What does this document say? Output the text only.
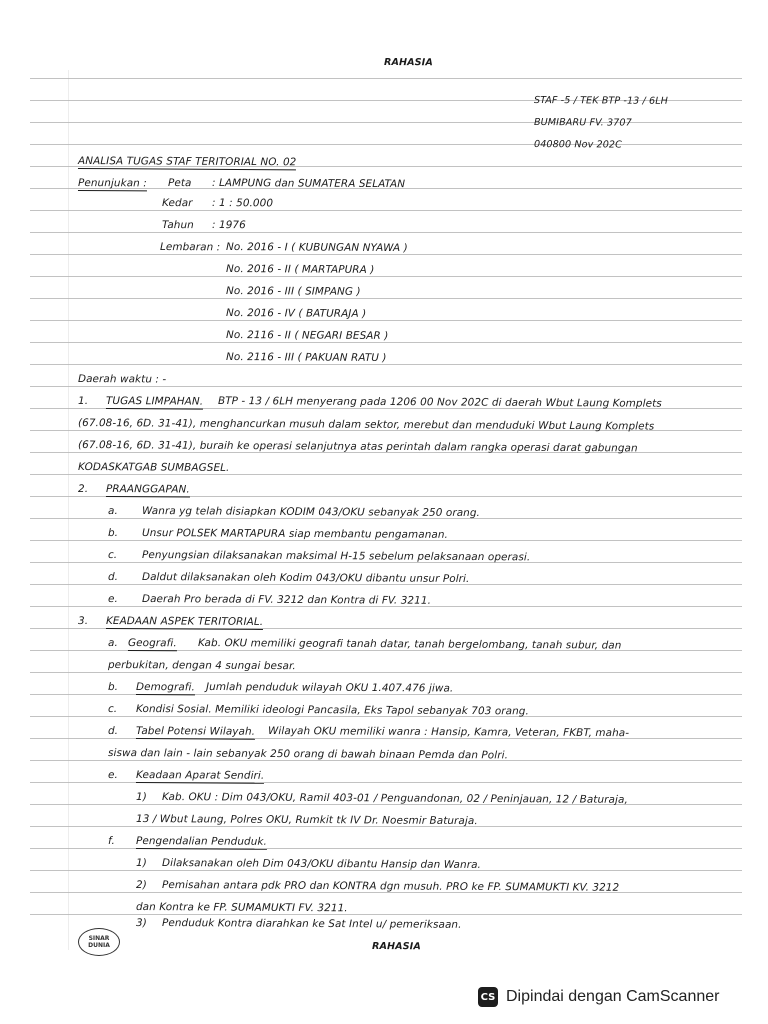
RAHASIA
STAF -5 / TEK BTP -13 / 6LH
BUMIBARU FV. 3707
040800 Nov 202C
ANALISA TUGAS STAF TERITORIAL NO. 02
Penunjukan : Peta : LAMPUNG dan SUMATERA SELATAN
Kedar : 1 : 50.000
Tahun : 1976
Lembaran : No. 2016 - I ( KUBUNGAN NYAWA )
No. 2016 - II ( MARTAPURA )
No. 2016 - III ( SIMPANG )
No. 2016 - IV ( BATURAJA )
No. 2116 - II ( NEGARI BESAR )
No. 2116 - III ( PAKUAN RATU )
Daerah waktu : -
1. TUGAS LIMPAHAN. BTP - 13 / 6LH menyerang pada 1206 00 Nov 202C di daerah Wbut Laung Komplets
(67.08-16, 6D. 31-41), menghancurkan musuh dalam sektor, merebut dan menduduki Wbut Laung Komplets
(67.08-16, 6D. 31-41), buraih ke operasi selanjutnya atas perintah dalam rangka operasi darat gabungan
KODASKATGAB SUMBAGSEL.
2. PRAANGGAPAN.
a. Wanra yg telah disiapkan KODIM 043/OKU sebanyak 250 orang.
b. Unsur POLSEK MARTAPURA siap membantu pengamanan.
c. Penyungsian dilaksanakan maksimal H-15 sebelum pelaksanaan operasi.
d. Daldut dilaksanakan oleh Kodim 043/OKU dibantu unsur Polri.
e. Daerah Pro berada di FV. 3212 dan Kontra di FV. 3211.
3. KEADAAN ASPEK TERITORIAL.
a. Geografi. Kab. OKU memiliki geografi tanah datar, tanah bergelombang, tanah subur, dan
perbukitan, dengan 4 sungai besar.
b. Demografi. Jumlah penduduk wilayah OKU 1.407.476 jiwa.
c. Kondisi Sosial. Memiliki ideologi Pancasila, Eks Tapol sebanyak 703 orang.
d. Tabel Potensi Wilayah. Wilayah OKU memiliki wanra : Hansip, Kamra, Veteran, FKBT, maha-
siswa dan lain - lain sebanyak 250 orang di bawah binaan Pemda dan Polri.
e. Keadaan Aparat Sendiri.
1) Kab. OKU : Dim 043/OKU, Ramil 403-01 / Penguandonan, 02 / Peninjauan, 12 / Baturaja,
13 / Wbut Laung, Polres OKU, Rumkit tk IV Dr. Noesmir Baturaja.
f. Pengendalian Penduduk.
1) Dilaksanakan oleh Dim 043/OKU dibantu Hansip dan Wanra.
2) Pemisahan antara pdk PRO dan KONTRA dgn musuh. PRO ke FP. SUMAMUKTI KV. 3212
dan Kontra ke FP. SUMAMUKTI FV. 3211.
3) Penduduk Kontra diarahkan ke Sat Intel u/ pemeriksaan.
RAHASIA
SINAR
DUNIA
CS Dipindai dengan CamScanner
